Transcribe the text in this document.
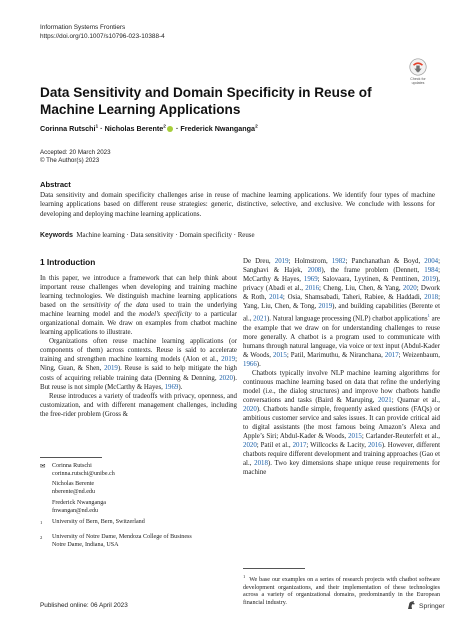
Information Systems Frontiers
https://doi.org/10.1007/s10796-023-10388-4
Check for
updates
Data Sensitivity and Domain Specificity in Reuse of Machine Learning Applications
Corinna Rutschi$^1$ · Nicholas Berente$^2$ · Frederick Nwanganga$^2$
Accepted: 20 March 2023
© The Author(s) 2023
Abstract
Data sensitivity and domain specificity challenges arise in reuse of machine learning applications. We identify four types of machine learning applications based on different reuse strategies: generic, distinctive, selective, and exclusive. We conclude with lessons for developing and deploying machine learning applications.
Keywords Machine learning · Data sensitivity · Domain specificity · Reuse
1 Introduction

In this paper, we introduce a framework that can help think about important reuse challenges when developing and training machine learning technologies. We distinguish machine learning applications based on the sensitivity of the data used to train the underlying machine learning model and the model’s specificity to a particular organizational domain. We draw on examples from chatbot machine learning applications to illustrate.

Organizations often reuse machine learning applications (or components of them) across contexts. Reuse is said to accelerate training and strengthen machine learning models (Alon et al., 2019; Ning, Guan, & Shen, 2019). Reuse is said to help mitigate the high costs of acquiring reliable training data (Denning & Denning, 2020). But reuse is not simple (McCarthy & Hayes, 1969).

Reuse introduces a variety of tradeoffs with privacy, openness, and customization, and with different management challenges, including the free-rider problem (Gross &

De Dreu, 2019; Holmstrom, 1982; Panchanathan & Boyd, 2004; Sanghavi & Hajek, 2008), the frame problem (Dennett, 1984; McCarthy & Hayes, 1969; Salovaara, Lyytinen, & Penttinen, 2019), privacy (Abadi et al., 2016; Cheng, Liu, Chen, & Yang, 2020; Dwork & Roth, 2014; Osia, Shamsabadi, Taheri, Rabiee, & Haddadi, 2018; Yang, Liu, Chen, & Tong, 2019), and building capabilities (Berente et al., 2021). Natural language processing (NLP) chatbot applications$^1$ are the example that we draw on for understanding challenges to reuse more generally. A chatbot is a program used to communicate with humans through natural language, via voice or text input (Abdul-Kader & Woods, 2015; Patil, Marimuthu, & Niranchana, 2017; Weizenbaum, 1966).

Chatbots typically involve NLP machine learning algorithms for continuous machine learning based on data that refine the underlying model (i.e., the dialog structures) and improve how chatbots handle conversations and tasks (Baird & Maruping, 2021; Quamar et al., 2020). Chatbots handle simple, frequently asked questions (FAQs) or ambitious customer service and sales issues. It can provide critical aid to digital assistants (the most famous being Amazon’s Alexa and Apple’s Siri; Abdul-Kader & Woods, 2015; Carlander-Reuterfelt et al., 2020; Patil et al., 2017; Willcocks & Lacity, 2016). However, different chatbots require different development and training approaches (Gao et al., 2018). Two key dimensions shape unique reuse requirements for machine

✉	Corinna Rutschi
corinna.rutschi@unibe.ch
Nicholas Berente
nberente@nd.edu
Frederick Nwanganga
fnwangan@nd.edu
$^1$	University of Bern, Bern, Switzerland
$^2$	University of Notre Dame, Mendoza College of Business Notre Dame, Indiana, USA
$^1$  We base our examples on a series of research projects with chatbot software development organizations, and their implementation of these technologies across a variety of organizational domains, predominantly in the European financial industry.
Published online: 06 April 2023	Springer
